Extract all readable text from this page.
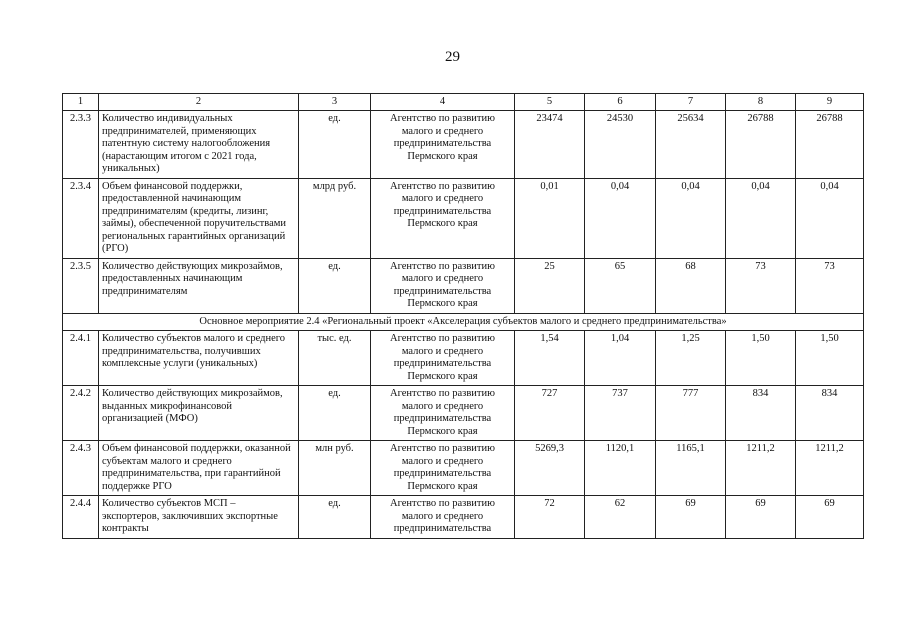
29
1	2	3	4	5	6	7	8	9
2.3.3	Количество индивидуальных предпринимателей, применяющих патентную систему налогообложения (нарастающим итогом с 2021 года, уникальных)	ед.	Агентство по развитию малого и среднего предпринимательства Пермского края	23474	24530	25634	26788	26788
2.3.4	Объем финансовой поддержки, предоставленной начинающим предпринимателям (кредиты, лизинг, займы), обеспеченной поручительствами региональных гарантийных организаций (РГО)	млрд руб.	Агентство по развитию малого и среднего предпринимательства Пермского края	0,01	0,04	0,04	0,04	0,04
2.3.5	Количество действующих микрозаймов, предоставленных начинающим предпринимателям	ед.	Агентство по развитию малого и среднего предпринимательства Пермского края	25	65	68	73	73
Основное мероприятие 2.4 «Региональный проект «Акселерация субъектов малого и среднего предпринимательства»								
2.4.1	Количество субъектов малого и среднего предпринимательства, получивших комплексные услуги (уникальных)	тыс. ед.	Агентство по развитию малого и среднего предпринимательства Пермского края	1,54	1,04	1,25	1,50	1,50
2.4.2	Количество действующих микрозаймов, выданных микрофинансовой организацией (МФО)	ед.	Агентство по развитию малого и среднего предпринимательства Пермского края	727	737	777	834	834
2.4.3	Объем финансовой поддержки, оказанной субъектам малого и среднего предпринимательства, при гарантийной поддержке РГО	млн руб.	Агентство по развитию малого и среднего предпринимательства Пермского края	5269,3	1120,1	1165,1	1211,2	1211,2
2.4.4	Количество субъектов МСП – экспортеров, заключивших экспортные контракты	ед.	Агентство по развитию малого и среднего предпринимательства	72	62	69	69	69
